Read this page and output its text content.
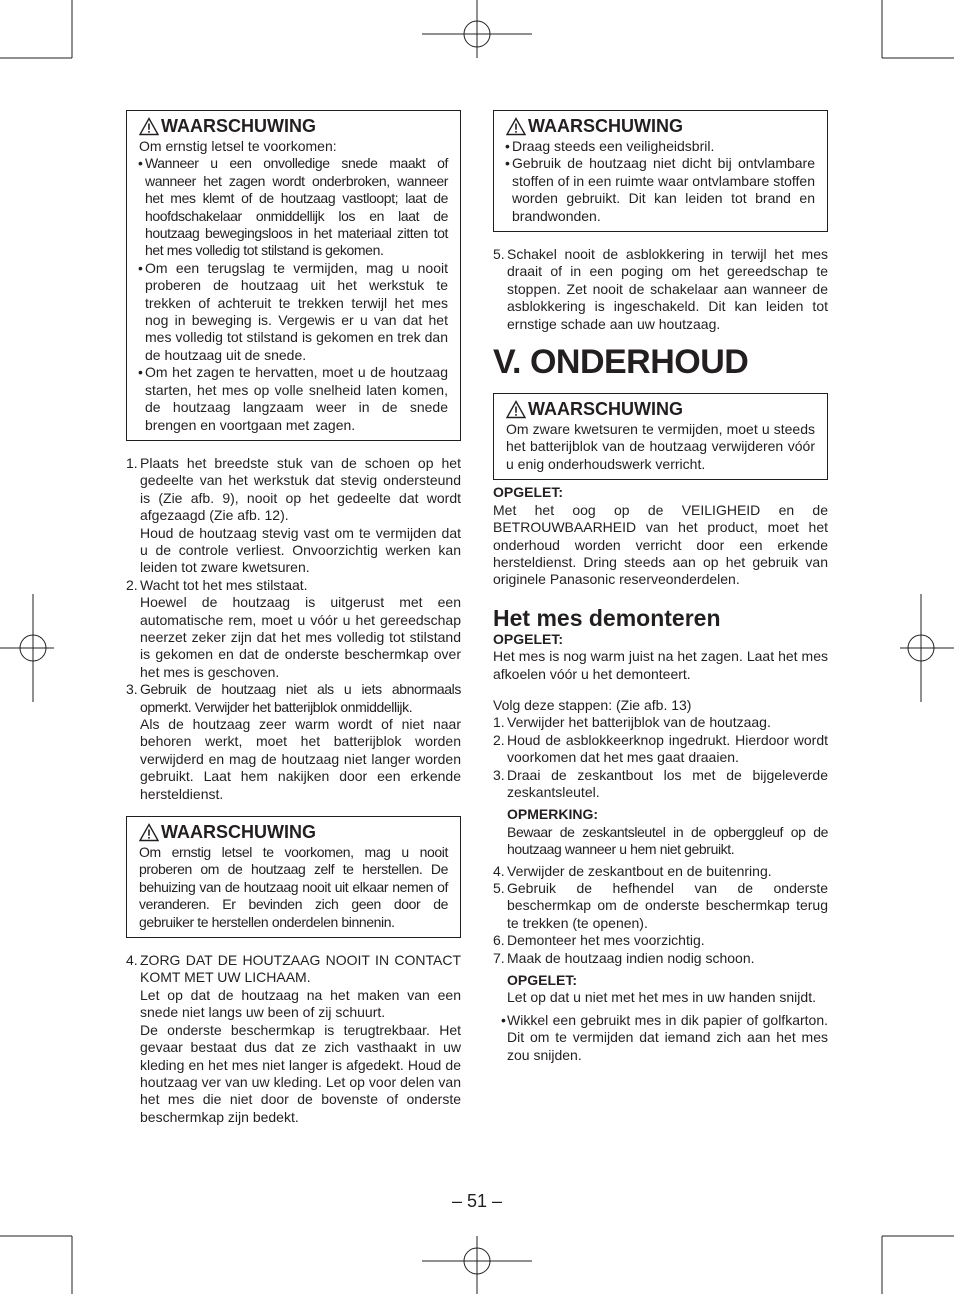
WAARSCHUWING

Om ernstig letsel te voorkomen:

• Wanneer u een onvolledige snede maakt of wanneer het zagen wordt onderbroken, wanneer het mes klemt of de houtzaag vastloopt; laat de hoofdschakelaar onmiddellijk los en laat de houtzaag bewegingsloos in het materiaal zitten tot het mes volledig tot stilstand is gekomen.

• Om een terugslag te vermijden, mag u nooit proberen de houtzaag uit het werkstuk te trekken of achteruit te trekken terwijl het mes nog in beweging is. Vergewis er u van dat het mes volledig tot stilstand is gekomen en trek dan de houtzaag uit de snede.

• Om het zagen te hervatten, moet u de houtzaag starten, het mes op volle snelheid laten komen, de houtzaag langzaam weer in de snede brengen en voortgaan met zagen.

1. Plaats het breedste stuk van de schoen op het gedeelte van het werkstuk dat stevig ondersteund is (Zie afb. 9), nooit op het gedeelte dat wordt afgezaagd (Zie afb. 12).

Houd de houtzaag stevig vast om te vermijden dat u de controle verliest. Onvoorzichtig werken kan leiden tot zware kwetsuren.

2. Wacht tot het mes stilstaat.

Hoewel de houtzaag is uitgerust met een automatische rem, moet u vóór u het gereedschap neerzet zeker zijn dat het mes volledig tot stilstand is gekomen en dat de onderste beschermkap over het mes is geschoven.

3. Gebruik de houtzaag niet als u iets abnormaals opmerkt. Verwijder het batterijblok onmiddellijk.

Als de houtzaag zeer warm wordt of niet naar behoren werkt, moet het batterijblok worden verwijderd en mag de houtzaag niet langer worden gebruikt. Laat hem nakijken door een erkende hersteldienst.

WAARSCHUWING

Om ernstig letsel te voorkomen, mag u nooit proberen om de houtzaag zelf te herstellen. De behuizing van de houtzaag nooit uit elkaar nemen of veranderen. Er bevinden zich geen door de gebruiker te herstellen onderdelen binnenin.

4. ZORG DAT DE HOUTZAAG NOOIT IN CONTACT KOMT MET UW LICHAAM.

Let op dat de houtzaag na het maken van een snede niet langs uw been of zij schuurt.

De onderste beschermkap is terugtrekbaar. Het gevaar bestaat dus dat ze zich vasthaakt in uw kleding en het mes niet langer is afgedekt. Houd de houtzaag ver van uw kleding. Let op voor delen van het mes die niet door de bovenste of onderste beschermkap zijn bedekt.

WAARSCHUWING

• Draag steeds een veiligheidsbril.

• Gebruik de houtzaag niet dicht bij ontvlambare stoffen of in een ruimte waar ontvlambare stoffen worden gebruikt. Dit kan leiden tot brand en brandwonden.

5. Schakel nooit de asblokkering in terwijl het mes draait of in een poging om het gereedschap te stoppen. Zet nooit de schakelaar aan wanneer de asblokkering is ingeschakeld. Dit kan leiden tot ernstige schade aan uw houtzaag.

V. ONDERHOUD
WAARSCHUWING

Om zware kwetsuren te vermijden, moet u steeds het batterijblok van de houtzaag verwijderen vóór u enig onderhoudswerk verricht.

OPGELET:

Met het oog op de VEILIGHEID en de BETROUWBAARHEID van het product, moet het onderhoud worden verricht door een erkende hersteldienst. Dring steeds aan op het gebruik van originele Panasonic reserveonderdelen.

Het mes demonteren

OPGELET:

Het mes is nog warm juist na het zagen. Laat het mes afkoelen vóór u het demonteert.

Volg deze stappen: (Zie afb. 13)

1. Verwijder het batterijblok van de houtzaag.

2. Houd de asblokkeerknop ingedrukt. Hierdoor wordt voorkomen dat het mes gaat draaien.

3. Draai de zeskantbout los met de bijgeleverde zeskantsleutel.

OPMERKING:

Bewaar de zeskantsleutel in de opberggleuf op de houtzaag wanneer u hem niet gebruikt.

4. Verwijder de zeskantbout en de buitenring.

5. Gebruik de hefhendel van de onderste beschermkap om de onderste beschermkap terug te trekken (te openen).

6. Demonteer het mes voorzichtig.

7. Maak de houtzaag indien nodig schoon.

OPGELET:

Let op dat u niet met het mes in uw handen snijdt.

• Wikkel een gebruikt mes in dik papier of golfkarton. Dit om te vermijden dat iemand zich aan het mes zou snijden.

– 51 –
